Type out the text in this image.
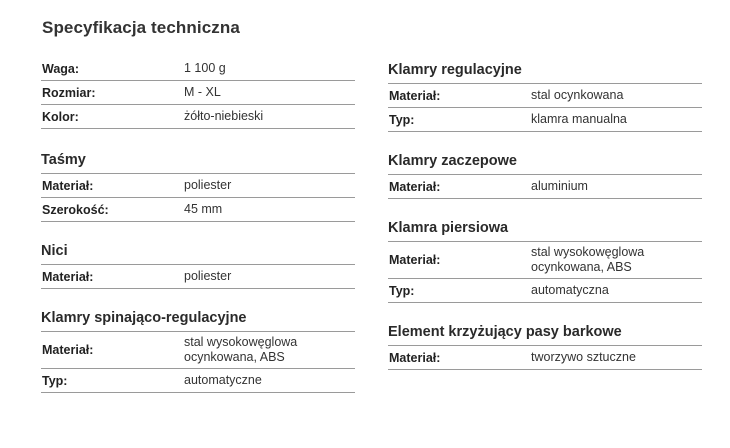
Specyfikacja techniczna
Waga:	1 100 g
Rozmiar:	M - XL
Kolor:	żółto-niebieski
Taśmy
Materiał:	poliester
Szerokość:	45 mm
Nici
Materiał:	poliester
Klamry spinająco-regulacyjne
Materiał:
stal wysokowęglowa
ocynkowana, ABS
Typ:	automatyczne
Klamry regulacyjne
Materiał:	stal ocynkowana
Typ:	klamra manualna
Klamry zaczepowe
Materiał:	aluminium
Klamra piersiowa
Materiał:
stal wysokowęglowa
ocynkowana, ABS
Typ:	automatyczna
Element krzyżujący pasy barkowe
Materiał:	tworzywo sztuczne
